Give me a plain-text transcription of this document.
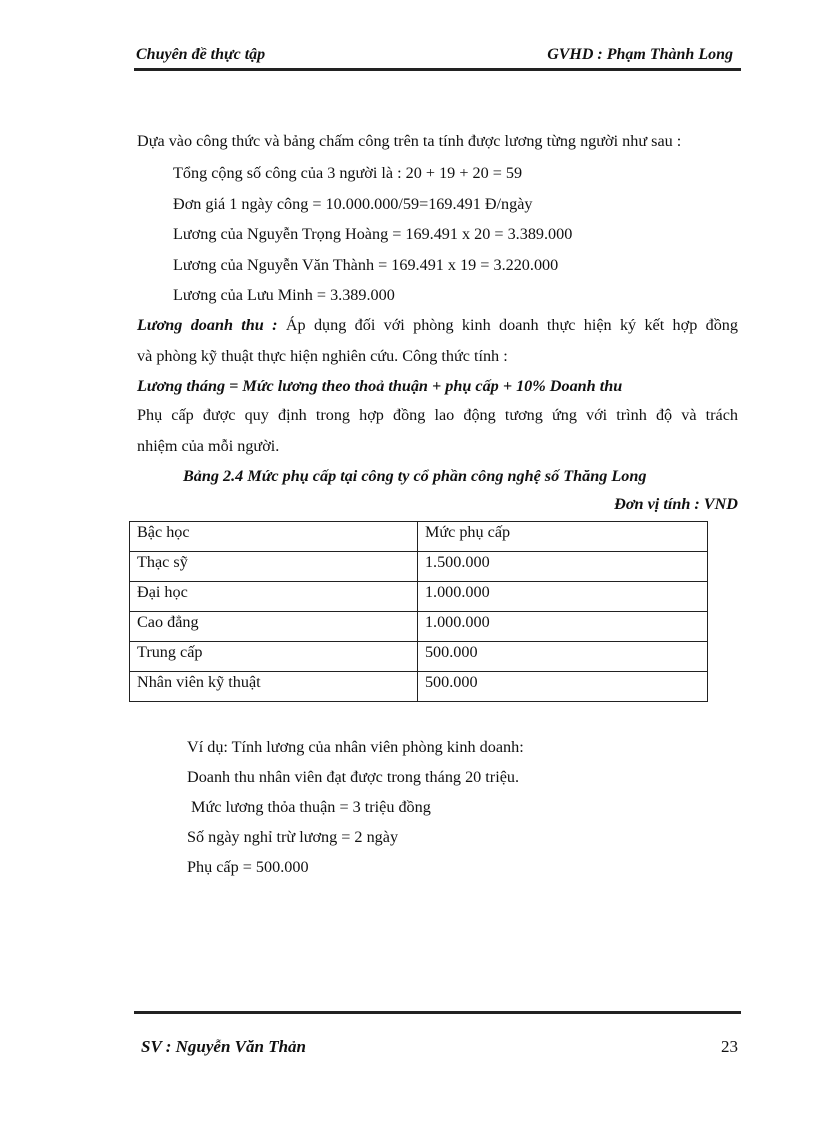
Chuyên đề thực tập	GVHD : Phạm Thành Long
Dựa vào công thức và bảng chấm công trên ta tính được lương từng người như sau :
Tổng cộng số công của 3 người là : 20 + 19 + 20 = 59
Đơn giá 1 ngày công = 10.000.000/59=169.491 Đ/ngày
Lương của Nguyễn Trọng Hoàng = 169.491 x 20 = 3.389.000
Lương của Nguyễn Văn Thành = 169.491 x 19 = 3.220.000
Lương của Lưu Minh = 3.389.000
Lương doanh thu : Áp dụng đối với phòng kinh doanh thực hiện ký kết hợp đồng
và phòng kỹ thuật thực hiện nghiên cứu. Công thức tính :
Lương tháng = Mức lương theo thoả thuận + phụ cấp + 10% Doanh thu
Phụ cấp được quy định trong hợp đồng lao động tương ứng với trình độ và trách
nhiệm của mỗi người.
Bảng 2.4 Mức phụ cấp tại công ty cổ phần công nghệ số Thăng Long
Đơn vị tính : VND
Bậc học	Mức phụ cấp
Thạc sỹ	1.500.000
Đại học	1.000.000
Cao đẳng	1.000.000
Trung cấp	500.000
Nhân viên kỹ thuật	500.000
Ví dụ: Tính lương của nhân viên phòng kinh doanh:
Doanh thu nhân viên đạt được trong tháng 20 triệu.
Mức lương thỏa thuận = 3 triệu đồng
Số ngày nghỉ trừ lương = 2 ngày
Phụ cấp = 500.000
SV : Nguyễn Văn Thản	23
